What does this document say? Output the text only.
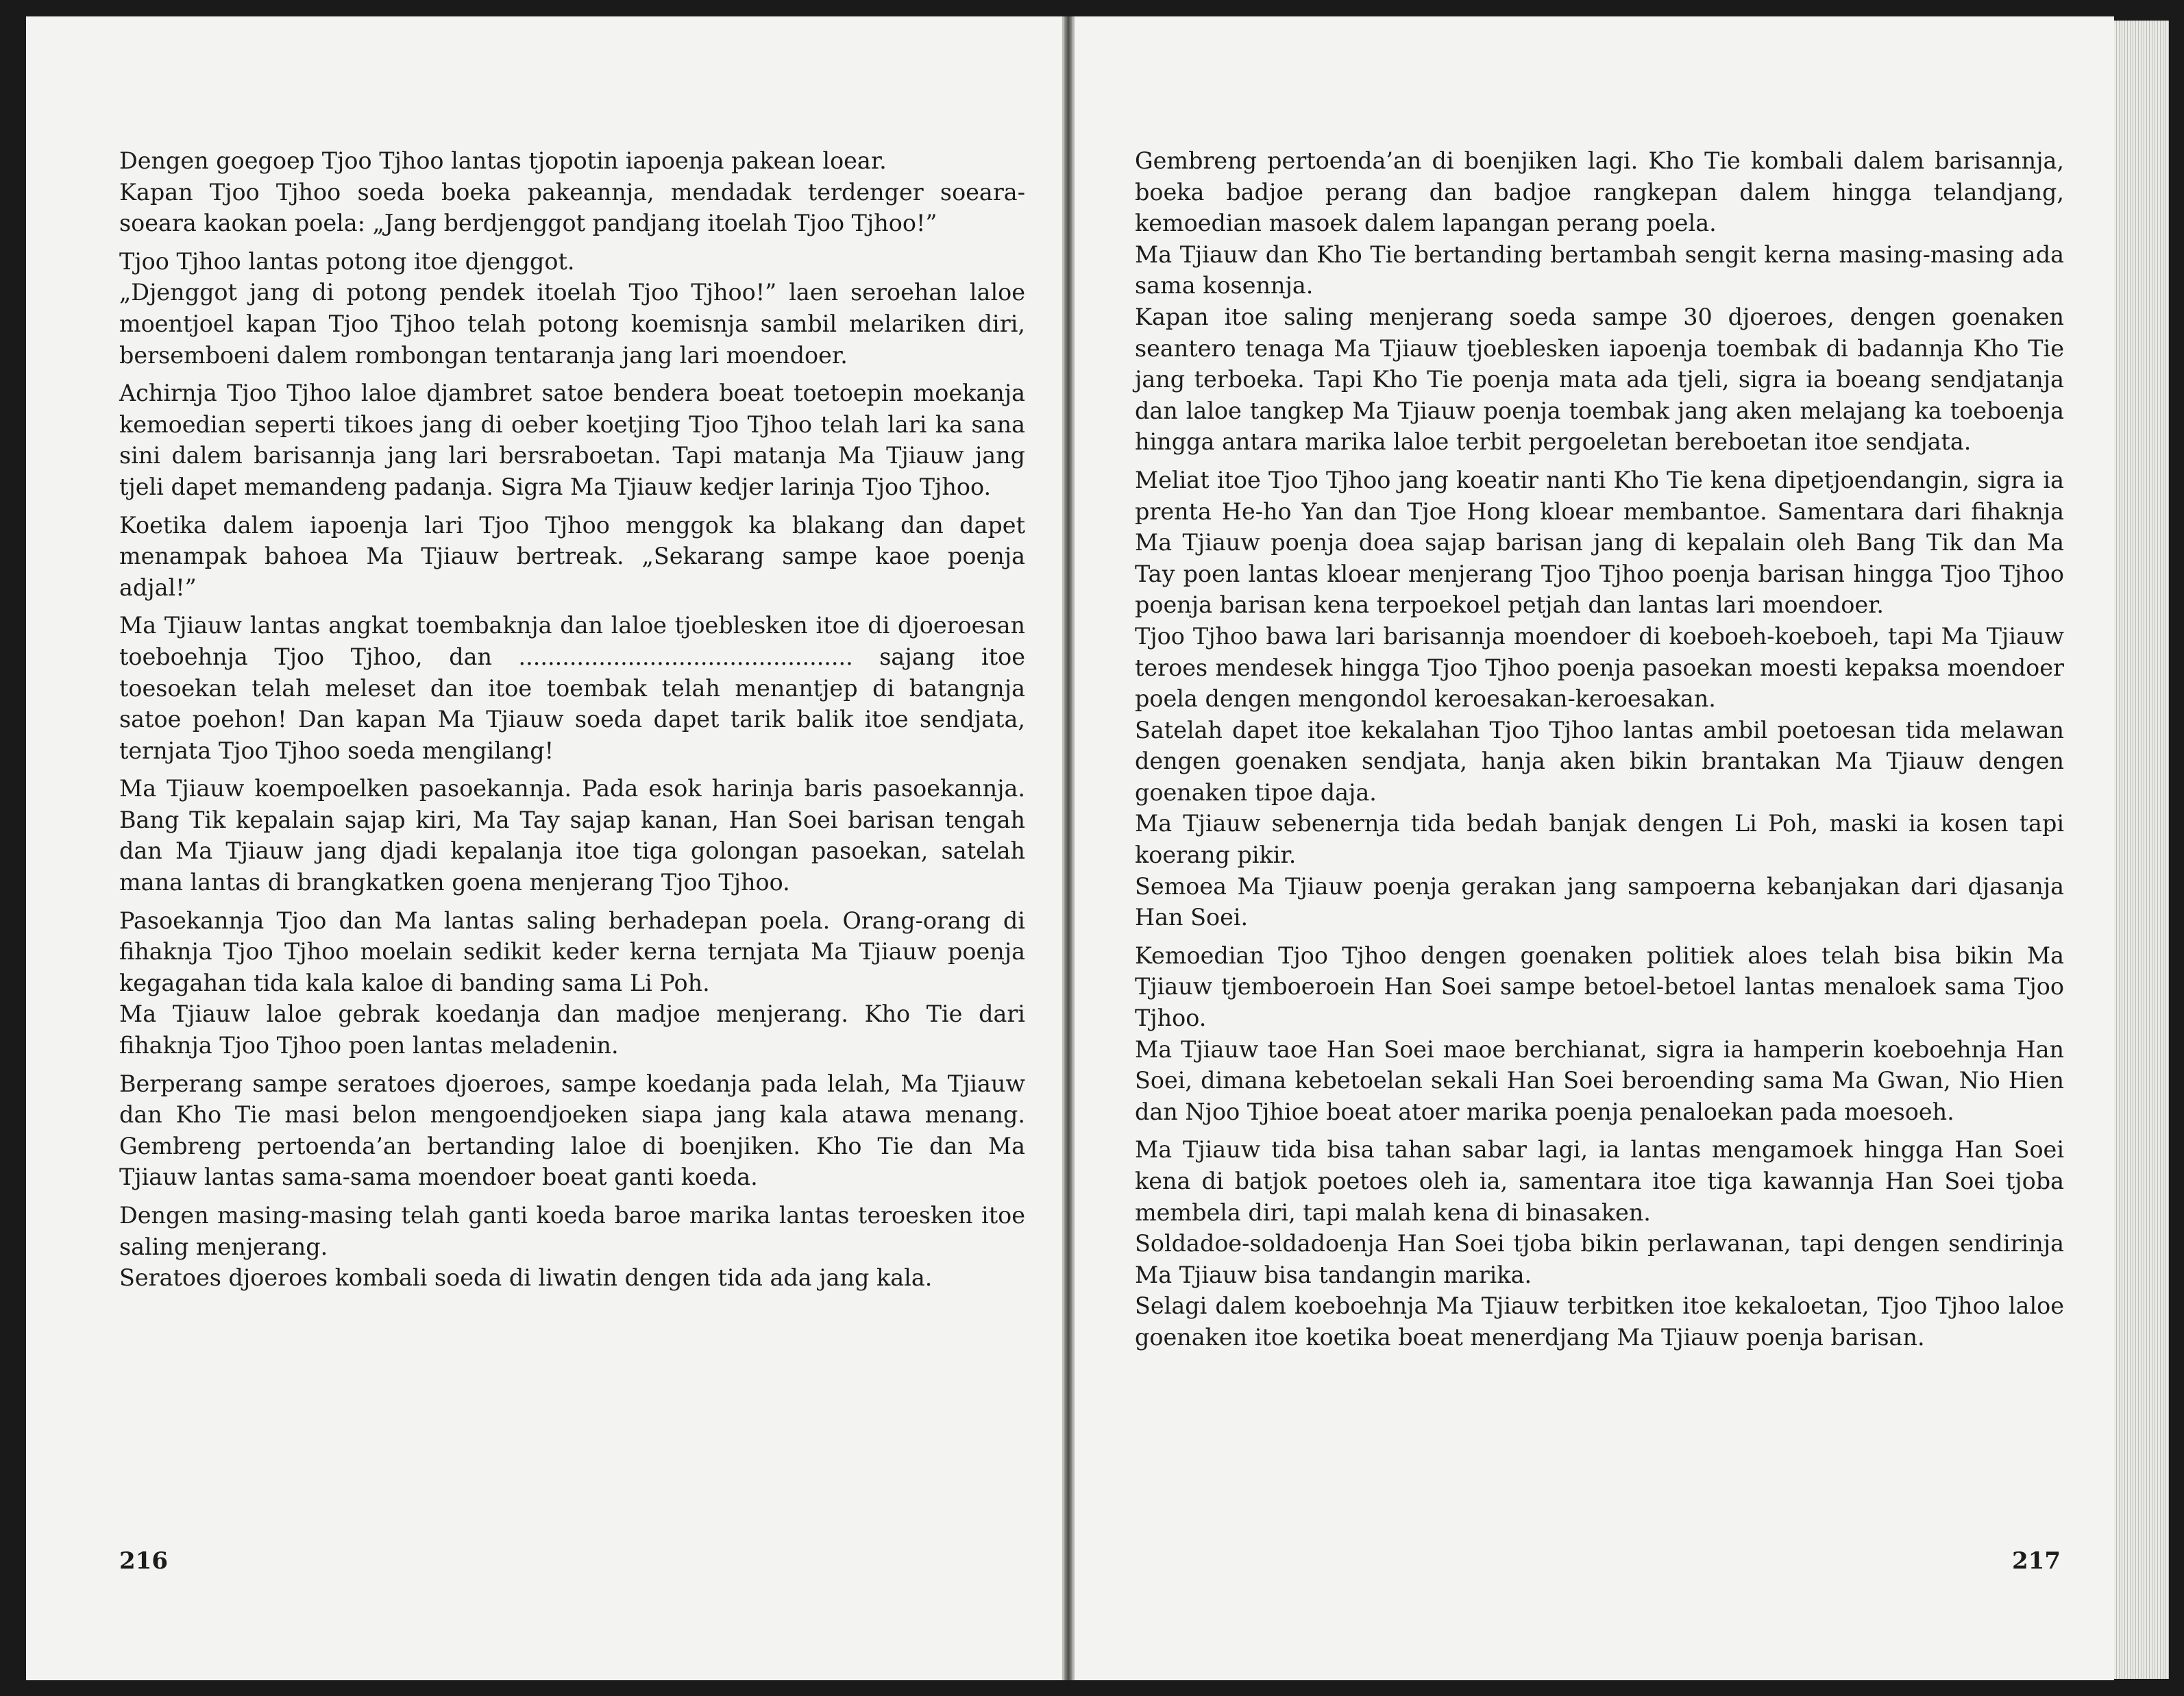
Dengen goegoep Tjoo Tjhoo lantas tjopotin iapoenja pakean loear.

Kapan Tjoo Tjhoo soeda boeka pakeannja, mendadak terdenger soeara-soeara kaokan poela: „Jang berdjenggot pandjang itoelah Tjoo Tjhoo!”

Tjoo Tjhoo lantas potong itoe djenggot.

„Djenggot jang di potong pendek itoelah Tjoo Tjhoo!” laen seroehan laloe moentjoel kapan Tjoo Tjhoo telah potong koemisnja sambil melariken diri, bersemboeni dalem rombongan tentaranja jang lari moendoer.

Achirnja Tjoo Tjhoo laloe djambret satoe bendera boeat toetoepin moekanja kemoedian seperti tikoes jang di oeber koetjing Tjoo Tjhoo telah lari ka sana sini dalem barisannja jang lari bersraboetan. Tapi matanja Ma Tjiauw jang tjeli dapet memandeng padanja. Sigra Ma Tjiauw kedjer larinja Tjoo Tjhoo.

Koetika dalem iapoenja lari Tjoo Tjhoo menggok ka blakang dan dapet menampak bahoea Ma Tjiauw bertreak. „Sekarang sampe kaoe poenja adjal!”

Ma Tjiauw lantas angkat toembaknja dan laloe tjoeblesken itoe di djoeroesan toeboehnja Tjoo Tjhoo, dan .............................................. sajang itoe toesoekan telah meleset dan itoe toembak telah menantjep di batangnja satoe poehon! Dan kapan Ma Tjiauw soeda dapet tarik balik itoe sendjata, ternjata Tjoo Tjhoo soeda mengilang!

Ma Tjiauw koempoelken pasoekannja. Pada esok harinja baris pasoekannja. Bang Tik kepalain sajap kiri, Ma Tay sajap kanan, Han Soei barisan tengah dan Ma Tjiauw jang djadi kepalanja itoe tiga golongan pasoekan, satelah mana lantas di brangkatken goena menjerang Tjoo Tjhoo.

Pasoekannja Tjoo dan Ma lantas saling berhadepan poela. Orang-orang di fihaknja Tjoo Tjhoo moelain sedikit keder kerna ternjata Ma Tjiauw poenja kegagahan tida kala kaloe di banding sama Li Poh.

Ma Tjiauw laloe gebrak koedanja dan madjoe menjerang. Kho Tie dari fihaknja Tjoo Tjhoo poen lantas meladenin.

Berperang sampe seratoes djoeroes, sampe koedanja pada lelah, Ma Tjiauw dan Kho Tie masi belon mengoendjoeken siapa jang kala atawa menang. Gembreng pertoenda’an bertanding laloe di boenjiken. Kho Tie dan Ma Tjiauw lantas sama-sama moendoer boeat ganti koeda.

Dengen masing-masing telah ganti koeda baroe marika lantas teroesken itoe saling menjerang.

Seratoes djoeroes kombali soeda di liwatin dengen tida ada jang kala.

216

Gembreng pertoenda’an di boenjiken lagi. Kho Tie kombali dalem barisannja, boeka badjoe perang dan badjoe rangkepan dalem hingga telandjang, kemoedian masoek dalem lapangan perang poela.

Ma Tjiauw dan Kho Tie bertanding bertambah sengit kerna masing-masing ada sama kosennja.

Kapan itoe saling menjerang soeda sampe 30 djoeroes, dengen goenaken seantero tenaga Ma Tjiauw tjoeblesken iapoenja toembak di badannja Kho Tie jang terboeka. Tapi Kho Tie poenja mata ada tjeli, sigra ia boeang sendjatanja dan laloe tangkep Ma Tjiauw poenja toembak jang aken melajang ka toeboenja hingga antara marika laloe terbit pergoeletan bereboetan itoe sendjata.

Meliat itoe Tjoo Tjhoo jang koeatir nanti Kho Tie kena dipetjoendangin, sigra ia prenta He-ho Yan dan Tjoe Hong kloear membantoe. Samentara dari fihaknja Ma Tjiauw poenja doea sajap barisan jang di kepalain oleh Bang Tik dan Ma Tay poen lantas kloear menjerang Tjoo Tjhoo poenja barisan hingga Tjoo Tjhoo poenja barisan kena terpoekoel petjah dan lantas lari moendoer.

Tjoo Tjhoo bawa lari barisannja moendoer di koeboeh-koeboeh, tapi Ma Tjiauw teroes mendesek hingga Tjoo Tjhoo poenja pasoekan moesti kepaksa moendoer poela dengen mengondol keroesakan-keroesakan.

Satelah dapet itoe kekalahan Tjoo Tjhoo lantas ambil poetoesan tida melawan dengen goenaken sendjata, hanja aken bikin brantakan Ma Tjiauw dengen goenaken tipoe daja.

Ma Tjiauw sebenernja tida bedah banjak dengen Li Poh, maski ia kosen tapi koerang pikir.

Semoea Ma Tjiauw poenja gerakan jang sampoerna kebanjakan dari djasanja Han Soei.

Kemoedian Tjoo Tjhoo dengen goenaken politiek aloes telah bisa bikin Ma Tjiauw tjemboeroein Han Soei sampe betoel-betoel lantas menaloek sama Tjoo Tjhoo.

Ma Tjiauw taoe Han Soei maoe berchianat, sigra ia hamperin koeboehnja Han Soei, dimana kebetoelan sekali Han Soei beroending sama Ma Gwan, Nio Hien dan Njoo Tjhioe boeat atoer marika poenja penaloekan pada moesoeh.

Ma Tjiauw tida bisa tahan sabar lagi, ia lantas mengamoek hingga Han Soei kena di batjok poetoes oleh ia, samentara itoe tiga kawannja Han Soei tjoba membela diri, tapi malah kena di binasaken.

Soldadoe-soldadoenja Han Soei tjoba bikin perlawanan, tapi dengen sendirinja Ma Tjiauw bisa tandangin marika.

Selagi dalem koeboehnja Ma Tjiauw terbitken itoe kekaloetan, Tjoo Tjhoo laloe goenaken itoe koetika boeat menerdjang Ma Tjiauw poenja barisan.

217
